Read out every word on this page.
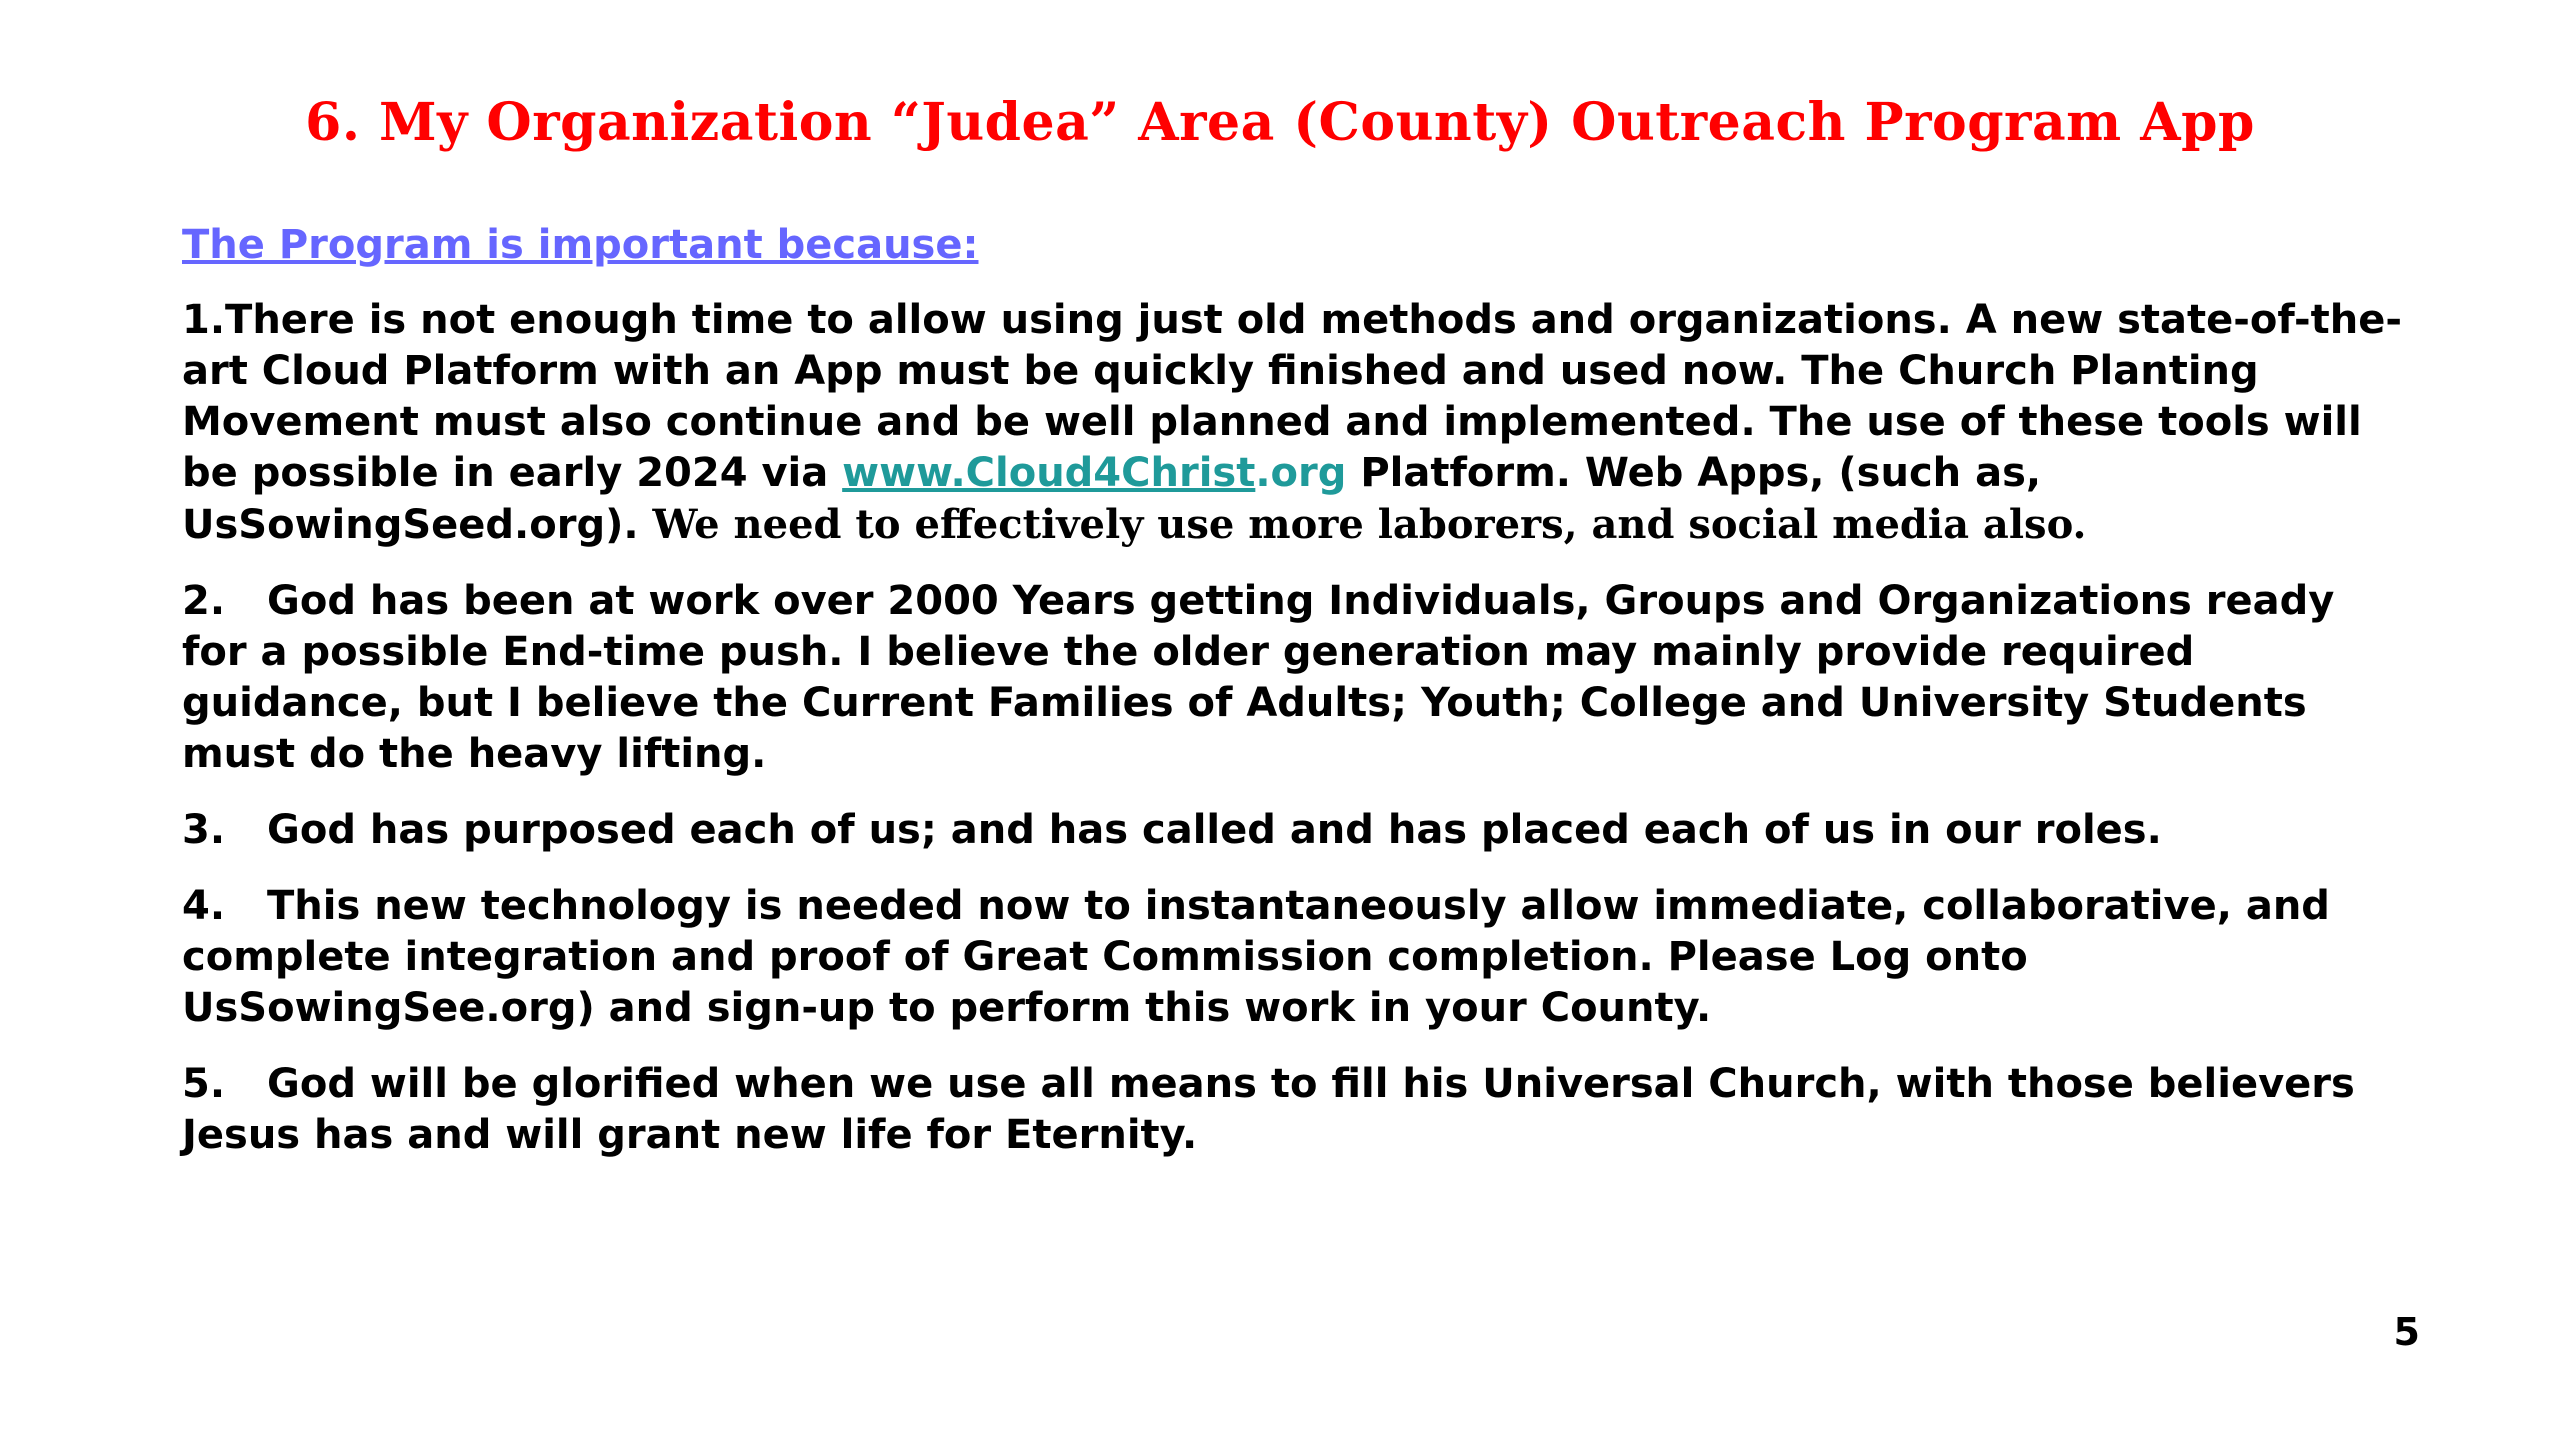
6. My Organization “Judea” Area (County) Outreach Program App

The Program is important because:

1.There is not enough time to allow using just old methods and organizations. A new state-of-the-art Cloud Platform with an App must be quickly finished and used now. The Church Planting Movement must also continue and be well planned and implemented. The use of these tools will be possible in early 2024 via www.Cloud4Christ.org Platform. Web Apps, (such as, UsSowingSeed.org). We need to effectively use more laborers, and social media also.

2. God has been at work over 2000 Years getting Individuals, Groups and Organizations ready for a possible End-time push. I believe the older generation may mainly provide required guidance, but I believe the Current Families of Adults; Youth; College and University Students must do the heavy lifting.

3. God has purposed each of us; and has called and has placed each of us in our roles.

4. This new technology is needed now to instantaneously allow immediate, collaborative, and complete integration and proof of Great Commission completion. Please Log onto UsSowingSee.org) and sign-up to perform this work in your County.

5. God will be glorified when we use all means to fill his Universal Church, with those believers Jesus has and will grant new life for Eternity.

5
